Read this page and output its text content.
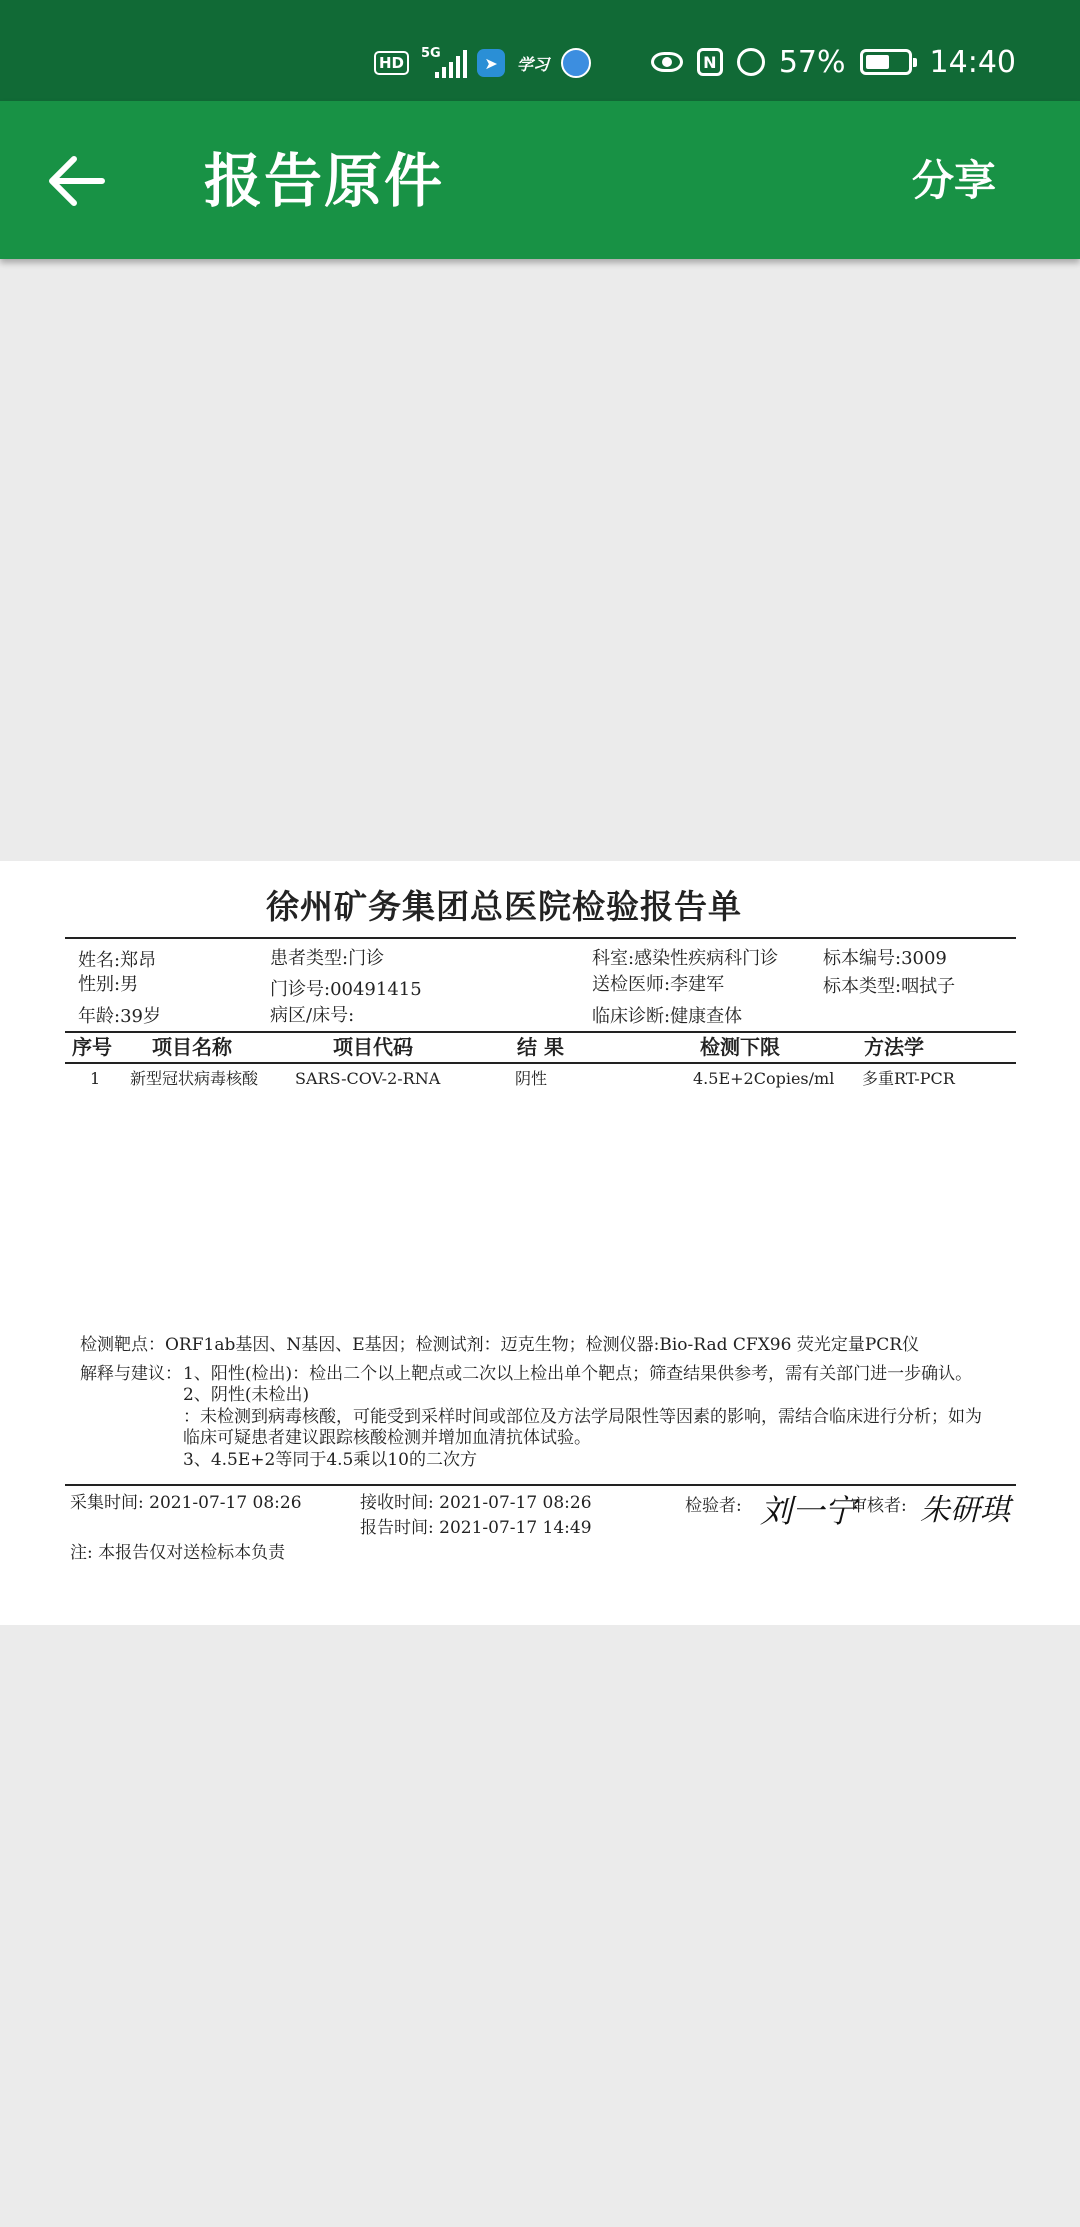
HD
5G	➤	学习	N 57%	14:40
报告原件	分享
徐州矿务集团总医院检验报告单
姓名:郑昂
性别:男
年龄:39岁
患者类型:门诊
门诊号:00491415
病区/床号:
科室:感染性疾病科门诊
送检医师:李建军
临床诊断:健康查体
标本编号:3009
标本类型:咽拭子
序号 项目名称	项目代码	结 果	检测下限	方法学
1 新型冠状病毒核酸 SARS-COV-2-RNA	阴性	4.5E+2Copies/ml 多重RT-PCR
检测靶点：ORF1ab基因、N基因、E基因；检测试剂：迈克生物；检测仪器:Bio-Rad CFX96 荧光定量PCR仪
解释与建议： 1、阳性(检出)：检出二个以上靶点或二次以上检出单个靶点；筛查结果供参考，需有关部门进一步确认。
2、阴性(未检出)
：未检测到病毒核酸，可能受到采样时间或部位及方法学局限性等因素的影响，需结合临床进行分析；如为
临床可疑患者建议跟踪核酸检测并增加血清抗体试验。
3、4.5E+2等同于4.5乘以10的二次方
采集时间: 2021-07-17 08:26	接收时间: 2021-07-17 08:26
报告时间: 2021-07-17 14:49
检验者: 刘一宁
审核者: 朱研琪
注: 本报告仅对送检标本负责
